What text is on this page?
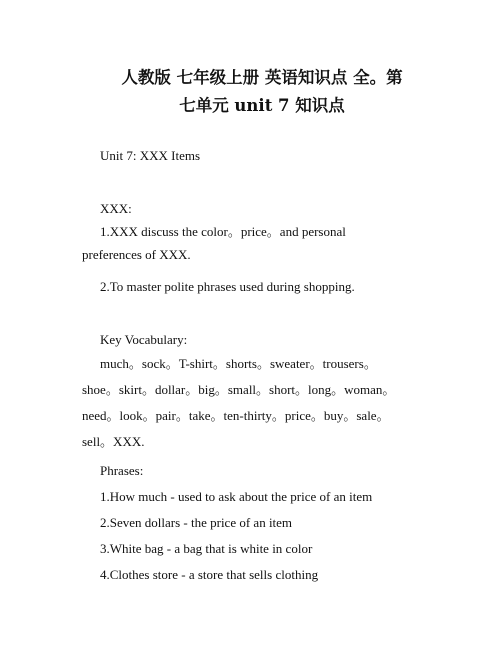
人教版 七年级上册 英语知识点 全。第
七单元 unit 7 知识点
Unit 7: XXX Items
XXX:
1.XXX discuss the color。price。and personal preferences of XXX.
2.To master polite phrases used during shopping.
Key Vocabulary:
much。sock。T-shirt。shorts。sweater。trousers。shoe。skirt。dollar。big。small。short。long。woman。need。look。pair。take。ten-thirty。price。buy。sale。sell。XXX.
Phrases:
1.How much - used to ask about the price of an item
2.Seven dollars - the price of an item
3.White bag - a bag that is white in color
4.Clothes store - a store that sells clothing
